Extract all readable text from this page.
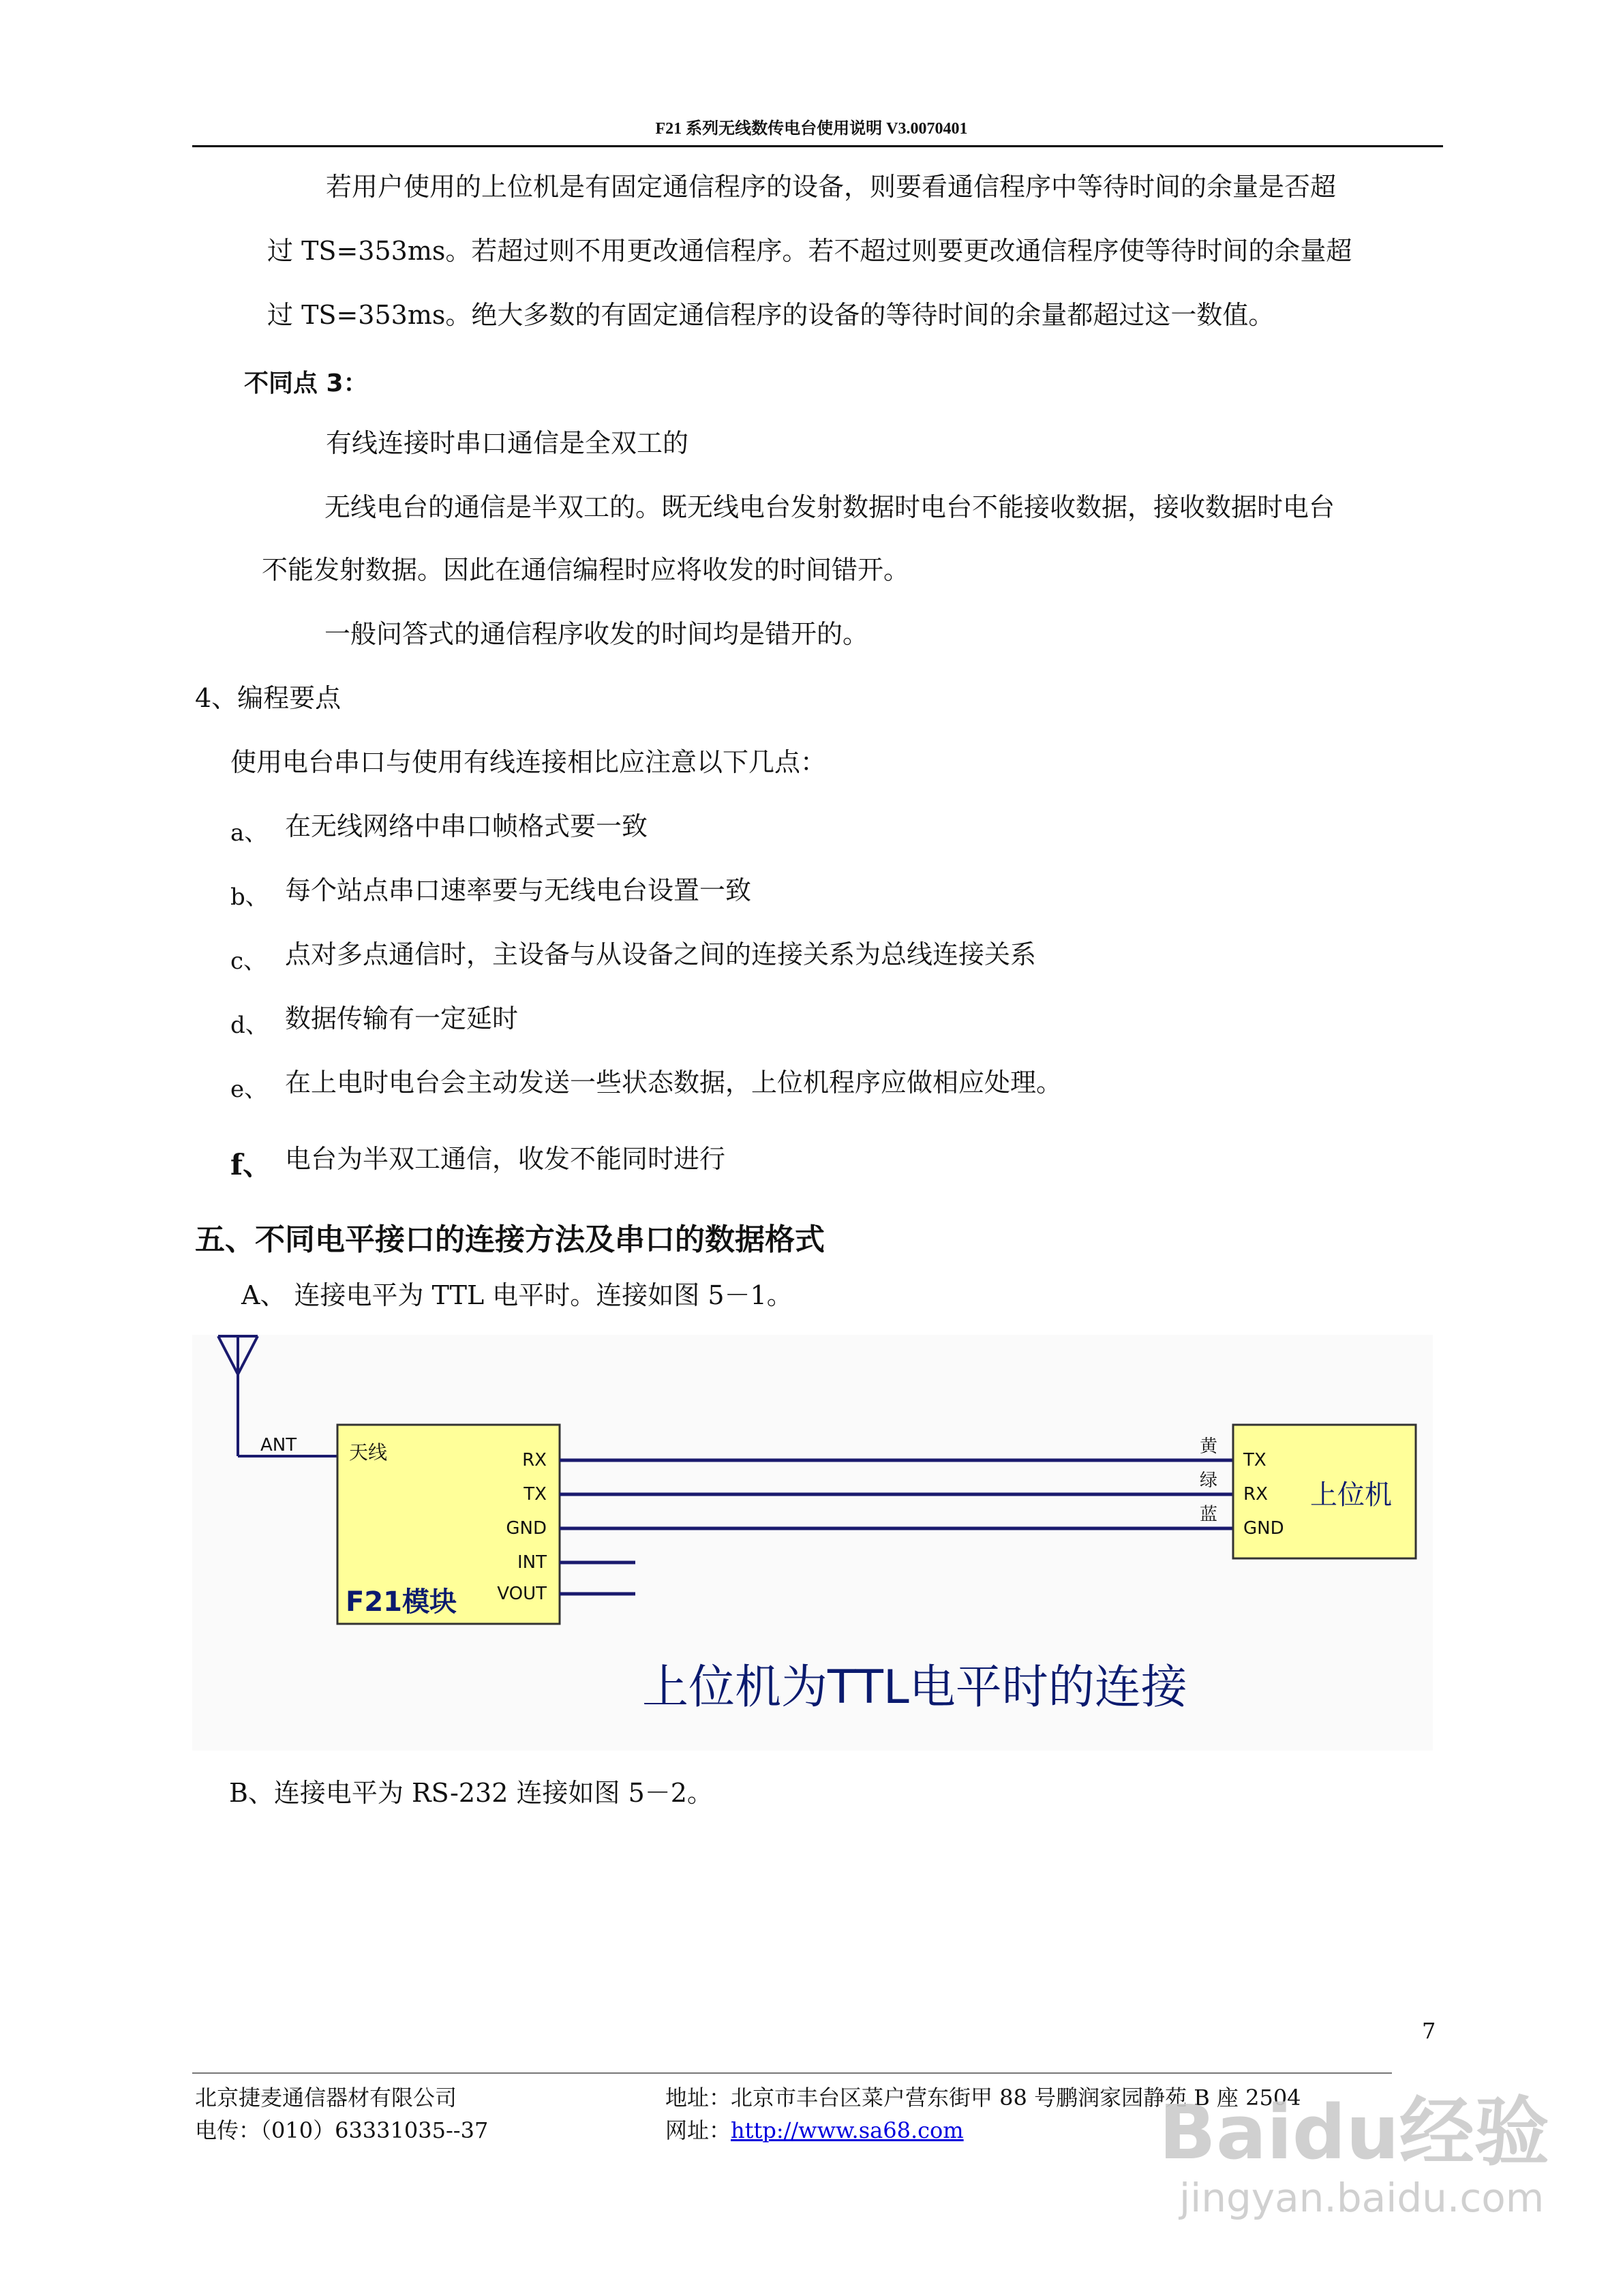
F21 系列无线数传电台使用说明 V3.0070401
若用户使用的上位机是有固定通信程序的设备，则要看通信程序中等待时间的余量是否超
过 TS=353ms。若超过则不用更改通信程序。若不超过则要更改通信程序使等待时间的余量超
过 TS=353ms。绝大多数的有固定通信程序的设备的等待时间的余量都超过这一数值。
不同点 3：
有线连接时串口通信是全双工的
无线电台的通信是半双工的。既无线电台发射数据时电台不能接收数据，接收数据时电台
不能发射数据。因此在通信编程时应将收发的时间错开。
一般问答式的通信程序收发的时间均是错开的。
4、编程要点
使用电台串口与使用有线连接相比应注意以下几点：
a、 在无线网络中串口帧格式要一致
b、 每个站点串口速率要与无线电台设置一致
c、 点对多点通信时，主设备与从设备之间的连接关系为总线连接关系
d、 数据传输有一定延时
e、 在上电时电台会主动发送一些状态数据，上位机程序应做相应处理。
f、 电台为半双工通信，收发不能同时进行
五、不同电平接口的连接方法及串口的数据格式
A、 连接电平为 TTL 电平时。连接如图 5－1。
ANT	天线	RX
TX
GND
INT
VOUT
F21模块
黄
绿
蓝
TX
RX
GND
上位机
上位机为TTL电平时的连接
B、连接电平为 RS-232 连接如图 5－2。
7
北京捷麦通信器材有限公司	地址：北京市丰台区菜户营东街甲 88 号鹏润家园静苑 B 座 2504
电传：（010）63331035--37	网址：http://www.sa68.com	Baidu经验
jingyan.baidu.com
